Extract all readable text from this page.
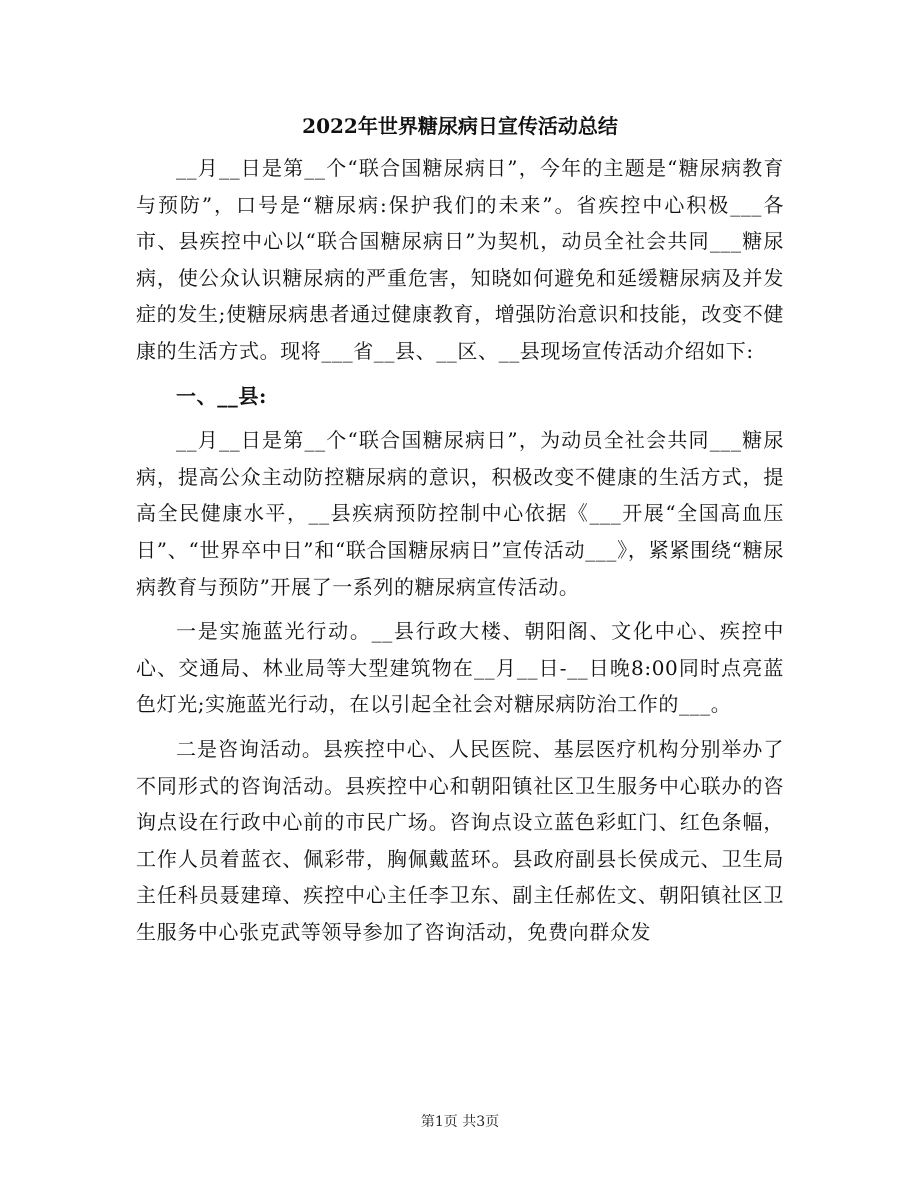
2022年世界糖尿病日宣传活动总结

__月__日是第__个“联合国糖尿病日”，今年的主题是“糖尿病教育与预防”，口号是“糖尿病:保护我们的未来”。省疾控中心积极___各市、县疾控中心以“联合国糖尿病日”为契机，动员全社会共同___糖尿病，使公众认识糖尿病的严重危害，知晓如何避免和延缓糖尿病及并发症的发生;使糖尿病患者通过健康教育，增强防治意识和技能，改变不健康的生活方式。现将___省__县、__区、__县现场宣传活动介绍如下:

一、__县:

__月__日是第__个“联合国糖尿病日”，为动员全社会共同___糖尿病，提高公众主动防控糖尿病的意识，积极改变不健康的生活方式，提高全民健康水平，__县疾病预防控制中心依据《___开展“全国高血压日”、“世界卒中日”和“联合国糖尿病日”宣传活动___》，紧紧围绕“糖尿病教育与预防”开展了一系列的糖尿病宣传活动。

一是实施蓝光行动。__县行政大楼、朝阳阁、文化中心、疾控中心、交通局、林业局等大型建筑物在__月__日-__日晚8:00同时点亮蓝色灯光;实施蓝光行动，在以引起全社会对糖尿病防治工作的___。

二是咨询活动。县疾控中心、人民医院、基层医疗机构分别举办了不同形式的咨询活动。县疾控中心和朝阳镇社区卫生服务中心联办的咨询点设在行政中心前的市民广场。咨询点设立蓝色彩虹门、红色条幅，工作人员着蓝衣、佩彩带，胸佩戴蓝环。县政府副县长侯成元、卫生局主任科员聂建璋、疾控中心主任李卫东、副主任郝佐文、朝阳镇社区卫生服务中心张克武等领导参加了咨询活动，免费向群众发

第1页 共3页
